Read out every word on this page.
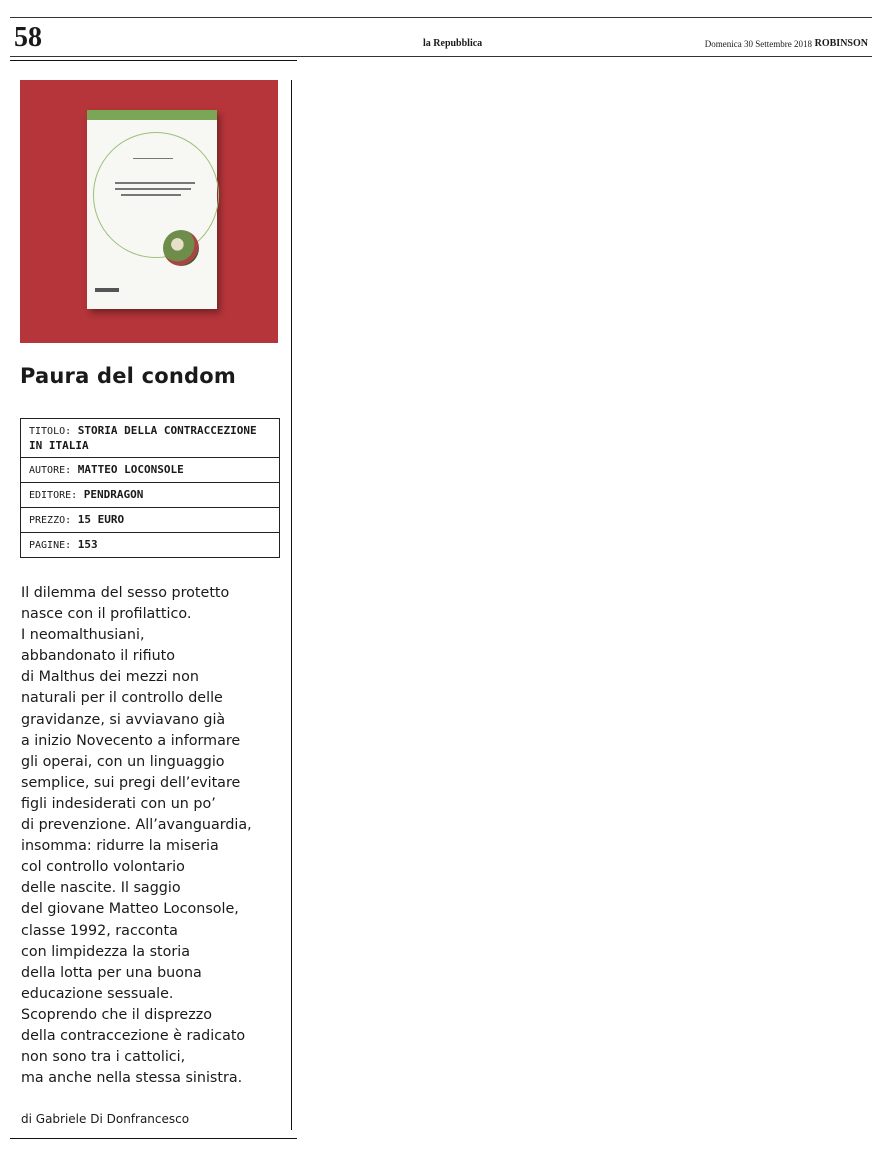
58	la Repubblica	Domenica 30 Settembre 2018 ROBINSON
Paura del condom
TITOLO: STORIA DELLA CONTRACCEZIONE IN ITALIA
AUTORE: MATTEO LOCONSOLE
EDITORE: PENDRAGON
PREZZO: 15 EURO
PAGINE: 153
Il dilemma del sesso protetto
nasce con il profilattico.
I neomalthusiani,
abbandonato il rifiuto
di Malthus dei mezzi non
naturali per il controllo delle
gravidanze, si avviavano già
a inizio Novecento a informare
gli operai, con un linguaggio
semplice, sui pregi dell’evitare
figli indesiderati con un po’
di prevenzione. All’avanguardia,
insomma: ridurre la miseria
col controllo volontario
delle nascite. Il saggio
del giovane Matteo Loconsole,
classe 1992, racconta
con limpidezza la storia
della lotta per una buona
educazione sessuale.
Scoprendo che il disprezzo
della contraccezione è radicato
non sono tra i cattolici,
ma anche nella stessa sinistra.
di Gabriele Di Donfrancesco
